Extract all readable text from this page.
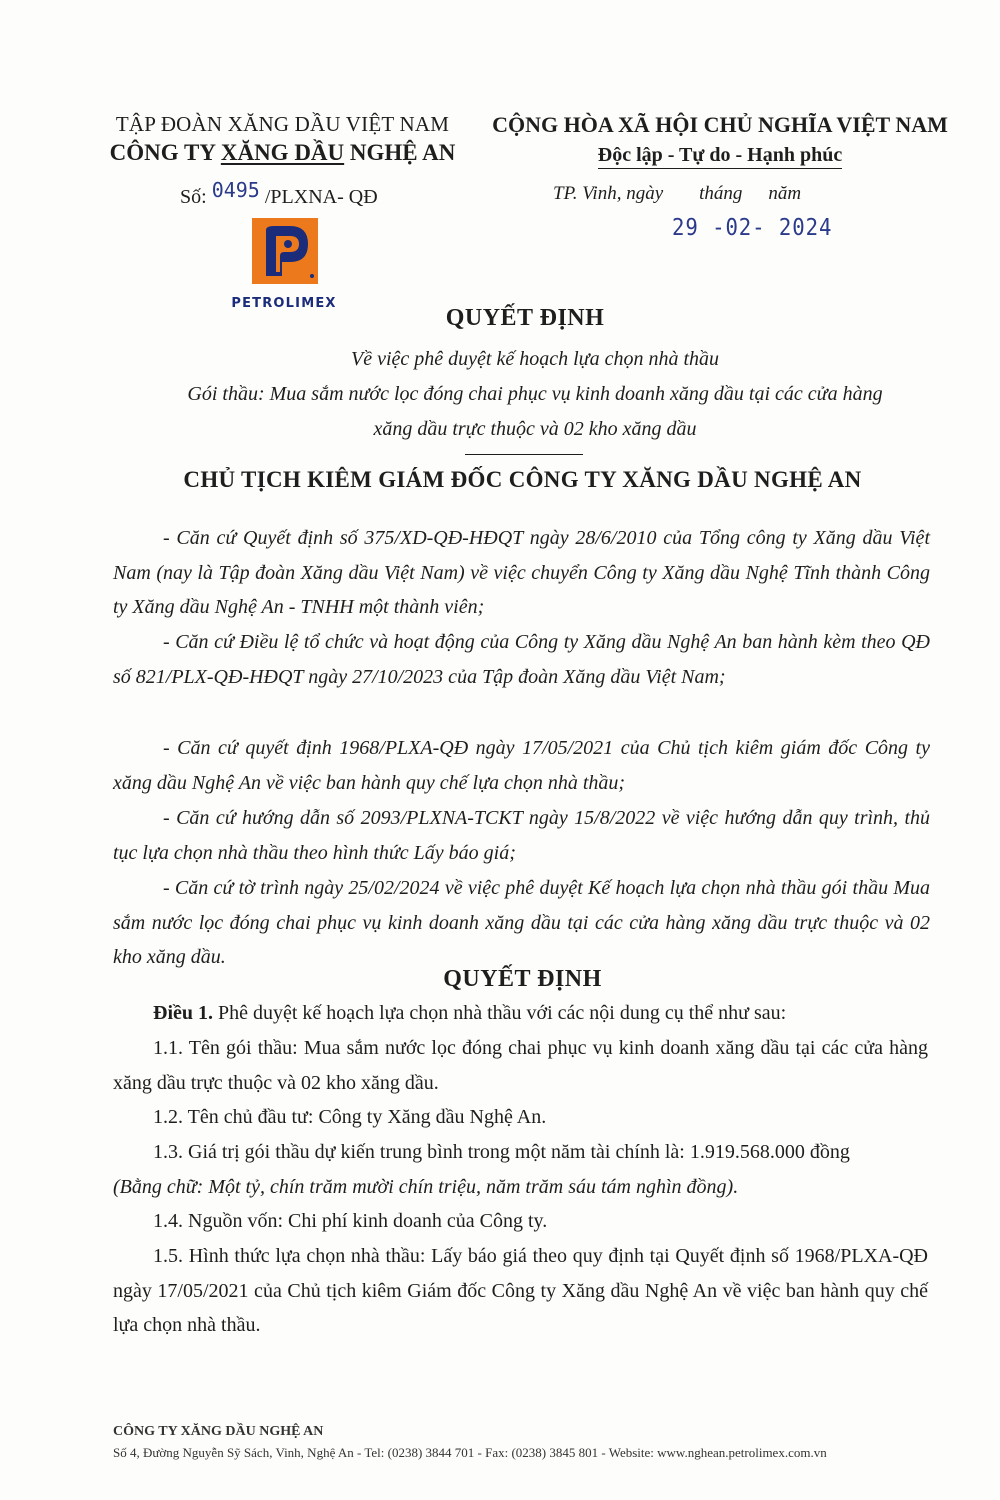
TẬP ĐOÀN XĂNG DẦU VIỆT NAM
CÔNG TY XĂNG DẦU NGHỆ AN
Số: 0495 /PLXNA- QĐ
PETROLIMEX
CỘNG HÒA XÃ HỘI CHỦ NGHĨA VIỆT NAM
Độc lập - Tự do - Hạnh phúc
TP. Vinh, ngày tháng năm
29 -02- 2024
QUYẾT ĐỊNH
Về việc phê duyệt kế hoạch lựa chọn nhà thầu
Gói thầu: Mua sắm nước lọc đóng chai phục vụ kinh doanh xăng dầu tại các cửa hàng
xăng dầu trực thuộc và 02 kho xăng dầu
CHỦ TỊCH KIÊM GIÁM ĐỐC CÔNG TY XĂNG DẦU NGHỆ AN
- Căn cứ Quyết định số 375/XD-QĐ-HĐQT ngày 28/6/2010 của Tổng công ty Xăng dầu Việt Nam (nay là Tập đoàn Xăng dầu Việt Nam) về việc chuyển Công ty Xăng dầu Nghệ Tĩnh thành Công ty Xăng dầu Nghệ An - TNHH một thành viên;
- Căn cứ Điều lệ tổ chức và hoạt động của Công ty Xăng dầu Nghệ An ban hành kèm theo QĐ số 821/PLX-QĐ-HĐQT ngày 27/10/2023 của Tập đoàn Xăng dầu Việt Nam;
- Căn cứ quyết định 1968/PLXA-QĐ ngày 17/05/2021 của Chủ tịch kiêm giám đốc Công ty xăng dầu Nghệ An về việc ban hành quy chế lựa chọn nhà thầu;
- Căn cứ hướng dẫn số 2093/PLXNA-TCKT ngày 15/8/2022 về việc hướng dẫn quy trình, thủ tục lựa chọn nhà thầu theo hình thức Lấy báo giá;
- Căn cứ tờ trình ngày 25/02/2024 về việc phê duyệt Kế hoạch lựa chọn nhà thầu gói thầu Mua sắm nước lọc đóng chai phục vụ kinh doanh xăng dầu tại các cửa hàng xăng dầu trực thuộc và 02 kho xăng dầu.
QUYẾT ĐỊNH
Điều 1. Phê duyệt kế hoạch lựa chọn nhà thầu với các nội dung cụ thể như sau:
1.1. Tên gói thầu: Mua sắm nước lọc đóng chai phục vụ kinh doanh xăng dầu tại các cửa hàng xăng dầu trực thuộc và 02 kho xăng dầu.
1.2. Tên chủ đầu tư: Công ty Xăng dầu Nghệ An.
1.3. Giá trị gói thầu dự kiến trung bình trong một năm tài chính là: 1.919.568.000 đồng
(Bằng chữ: Một tỷ, chín trăm mười chín triệu, năm trăm sáu tám nghìn đồng).
1.4. Nguồn vốn: Chi phí kinh doanh của Công ty.
1.5. Hình thức lựa chọn nhà thầu: Lấy báo giá theo quy định tại Quyết định số 1968/PLXA-QĐ ngày 17/05/2021 của Chủ tịch kiêm Giám đốc Công ty Xăng dầu Nghệ An về việc ban hành quy chế lựa chọn nhà thầu.
CÔNG TY XĂNG DẦU NGHỆ AN
Số 4, Đường Nguyễn Sỹ Sách, Vinh, Nghệ An - Tel: (0238) 3844 701 - Fax: (0238) 3845 801 - Website: www.nghean.petrolimex.com.vn
